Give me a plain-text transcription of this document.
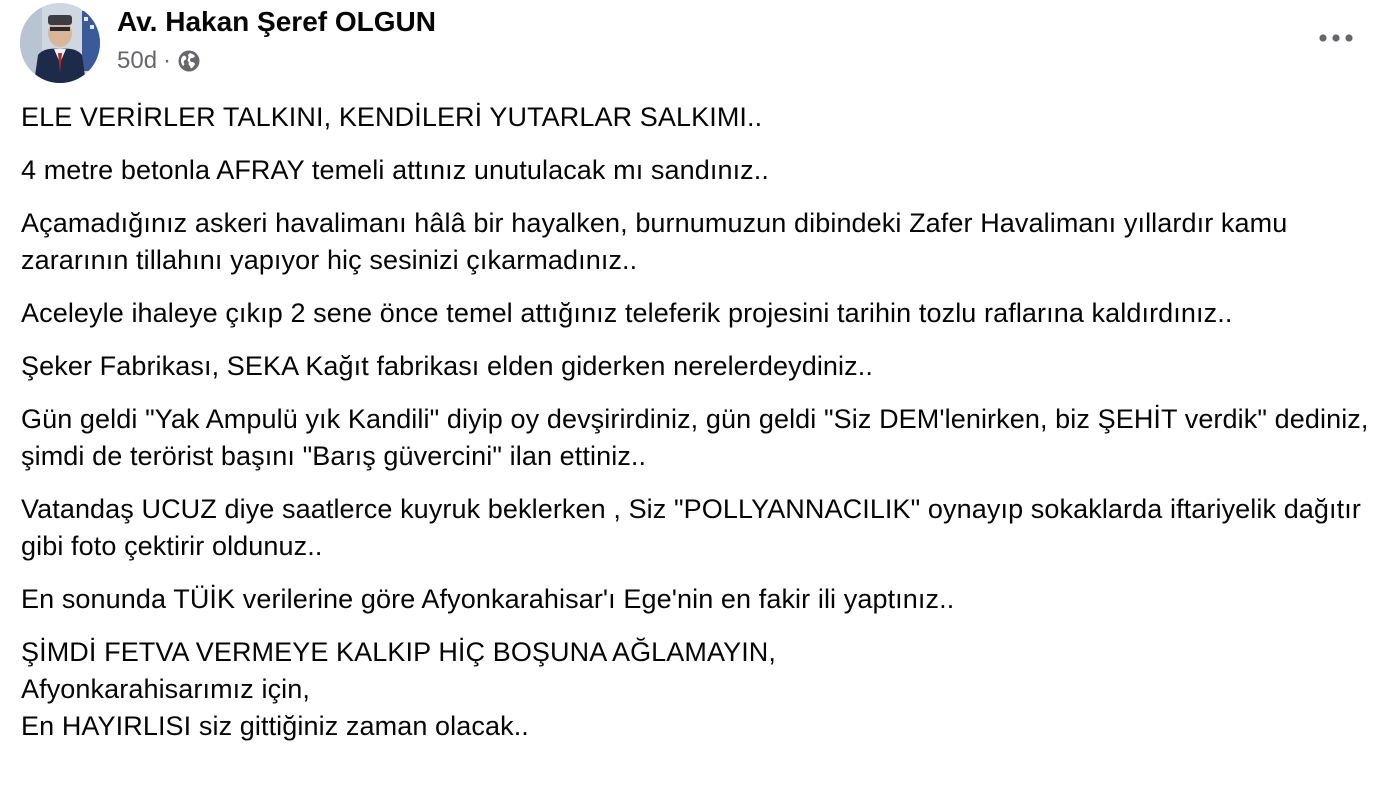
Av. Hakan Şeref OLGUN
50d ·

ELE VERİRLER TALKINI, KENDİLERİ YUTARLAR SALKIMI..

4 metre betonla AFRAY temeli attınız unutulacak mı sandınız..

Açamadığınız askeri havalimanı hâlâ bir hayalken, burnumuzun dibindeki Zafer Havalimanı yıllardır kamu zararının tillahını yapıyor hiç sesinizi çıkarmadınız..

Aceleyle ihaleye çıkıp 2 sene önce temel attığınız teleferik projesini tarihin tozlu raflarına kaldırdınız..

Şeker Fabrikası, SEKA Kağıt fabrikası elden giderken nerelerdeydiniz..

Gün geldi "Yak Ampulü yık Kandili" diyip oy devşirirdiniz, gün geldi "Siz DEM'lenirken, biz ŞEHİT verdik" dediniz, şimdi de terörist başını "Barış güvercini" ilan ettiniz..

Vatandaş UCUZ diye saatlerce kuyruk beklerken , Siz "POLLYANNACILIK" oynayıp sokaklarda iftariyelik dağıtır gibi foto çektirir oldunuz..

En sonunda TÜİK verilerine göre Afyonkarahisar'ı Ege'nin en fakir ili yaptınız..

ŞİMDİ FETVA VERMEYE KALKIP HİÇ BOŞUNA AĞLAMAYIN,
Afyonkarahisarımız için,
En HAYIRLISI siz gittiğiniz zaman olacak..
